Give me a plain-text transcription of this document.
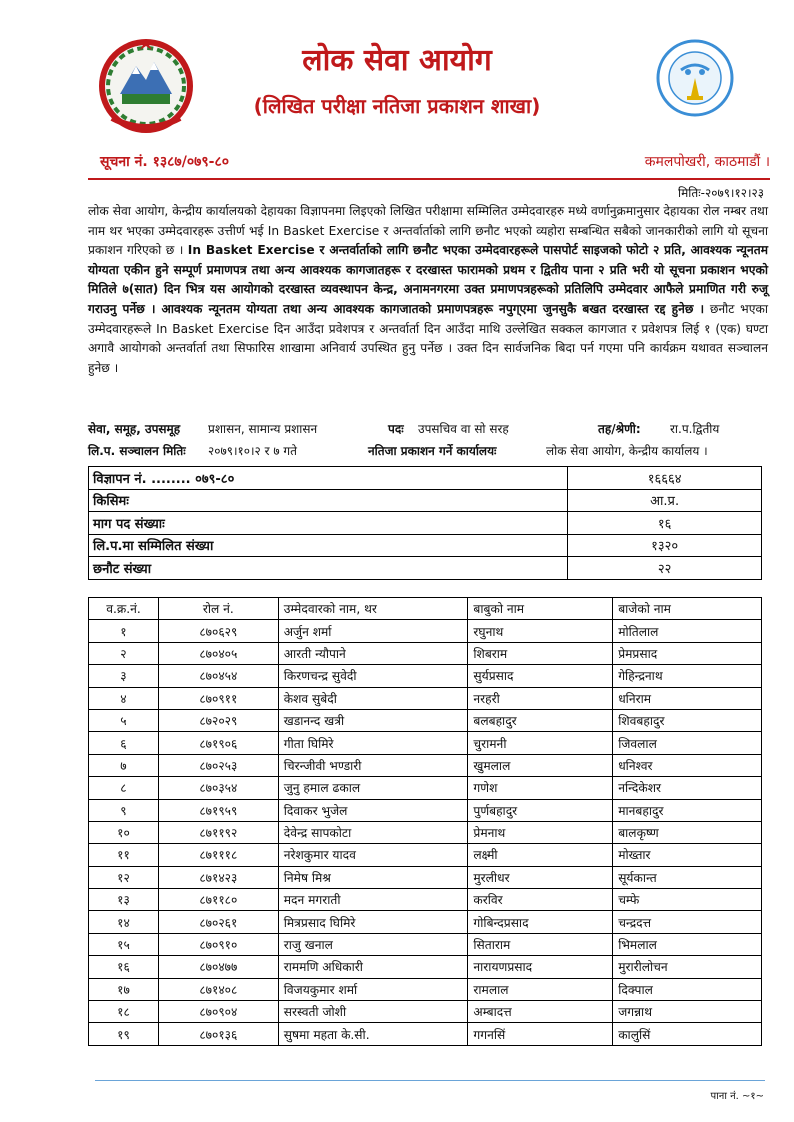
लोक सेवा आयोग
(लिखित परीक्षा नतिजा प्रकाशन शाखा)
सूचना नं. १३८७/०७९-८०	कमलपोखरी, काठमाडौं ।
मितिः-२०७९।१२।२३
लोक सेवा आयोग, केन्द्रीय कार्यालयको देहायका विज्ञापनमा लिइएको लिखित परीक्षामा सम्मिलित उम्मेदवारहरु मध्ये वर्णानुक्रमानुसार देहायका रोल नम्बर तथा नाम थर भएका उम्मेदवारहरू उत्तीर्ण भई In Basket Exercise र अन्तर्वार्ताको लागि छनौट भएको व्यहोरा सम्बन्धित सबैको जानकारीको लागि यो सूचना प्रकाशन गरिएको छ । In Basket Exercise र अन्तर्वार्ताको लागि छनौट भएका उम्मेदवारहरूले पासपोर्ट साइजको फोटो २ प्रति, आवश्यक न्यूनतम योग्यता एकीन हुने सम्पूर्ण प्रमाणपत्र तथा अन्य आवश्यक कागजातहरू र दरखास्त फारामको प्रथम र द्वितीय पाना २ प्रति भरी यो सूचना प्रकाशन भएको मितिले ७(सात) दिन भित्र यस आयोगको दरखास्त व्यवस्थापन केन्द्र, अनामनगरमा उक्त प्रमाणपत्रहरूको प्रतिलिपि उम्मेदवार आफैले प्रमाणित गरी रुजू गराउनु पर्नेछ । आवश्यक न्यूनतम योग्यता तथा अन्य आवश्यक कागजातको प्रमाणपत्रहरू नपुग्एमा जुनसुकै बखत दरखास्त रद्द हुनेछ । छनौट भएका उम्मेदवारहरूले In Basket Exercise दिन आउँदा प्रवेशपत्र र अन्तर्वार्ता दिन आउँदा माथि उल्लेखित सक्कल कागजात र प्रवेशपत्र लिई १ (एक) घण्टा अगावै आयोगको अन्तर्वार्ता तथा सिफारिस शाखामा अनिवार्य उपस्थित हुनु पर्नेछ । उक्त दिन सार्वजनिक बिदा पर्न गएमा पनि कार्यक्रम यथावत सञ्चालन हुनेछ ।
सेवा, समूह, उपसमूह प्रशासन, सामान्य प्रशासन	पदः उपसचिव वा सो सरह	तह/श्रेणी: रा.प.द्वितीय
लि.प. सञ्चालन मितिः २०७९।१०।२ र ७ गते	नतिजा प्रकाशन गर्ने कार्यालयः	लोक सेवा आयोग, केन्द्रीय कार्यालय ।
विज्ञापन नं. ........ ०७९-८०	१६६६४
किसिमः	आ.प्र.
माग पद संख्याः	१६
लि.प.मा सम्मिलित संख्या	१३२०
छनौट संख्या	२२
व.क्र.नं.	रोल नं.	उम्मेदवारको नाम, थर	बाबुको नाम	बाजेको नाम
१	८७०६२९	अर्जुन शर्मा	रघुनाथ	मोतिलाल
२	८७०४०५	आरती न्यौपाने	शिबराम	प्रेमप्रसाद
३	८७०४५४	किरणचन्द्र सुवेदी	सुर्यप्रसाद	गेहिन्द्रनाथ
४	८७०९११	केशव सुबेदी	नरहरी	धनिराम
५	८७२०२९	खडानन्द खत्री	बलबहादुर	शिवबहादुर
६	८७१९०६	गीता घिमिरे	चुरामनी	जिवलाल
७	८७०२५३	चिरन्जीवी भण्डारी	खुमलाल	धनिश्वर
८	८७०३५४	जुनु हमाल ढकाल	गणेश	नन्दिकेशर
९	८७१९५९	दिवाकर भुजेल	पुर्णबहादुर	मानबहादुर
१०	८७११९२	देवेन्द्र सापकोटा	प्रेमनाथ	बालकृष्ण
११	८७१११८	नरेशकुमार यादव	लक्ष्मी	मोख्तार
१२	८७१४२३	निमेष मिश्र	मुरलीधर	सूर्यकान्त
१३	८७११८०	मदन मगराती	करविर	चम्फे
१४	८७०२६१	मित्रप्रसाद घिमिरे	गोबिन्दप्रसाद	चन्द्रदत्त
१५	८७०९१०	राजु खनाल	सिताराम	भिमलाल
१६	८७०४७७	राममणि अधिकारी	नारायणप्रसाद	मुरारीलोचन
१७	८७१४०८	विजयकुमार शर्मा	रामलाल	दिक्पाल
१८	८७०९०४	सरस्वती जोशी	अम्बादत्त	जगन्नाथ
१९	८७०१३६	सुषमा महता के.सी.	गगनसिं	कालुसिं
पाना नं. ~१~
